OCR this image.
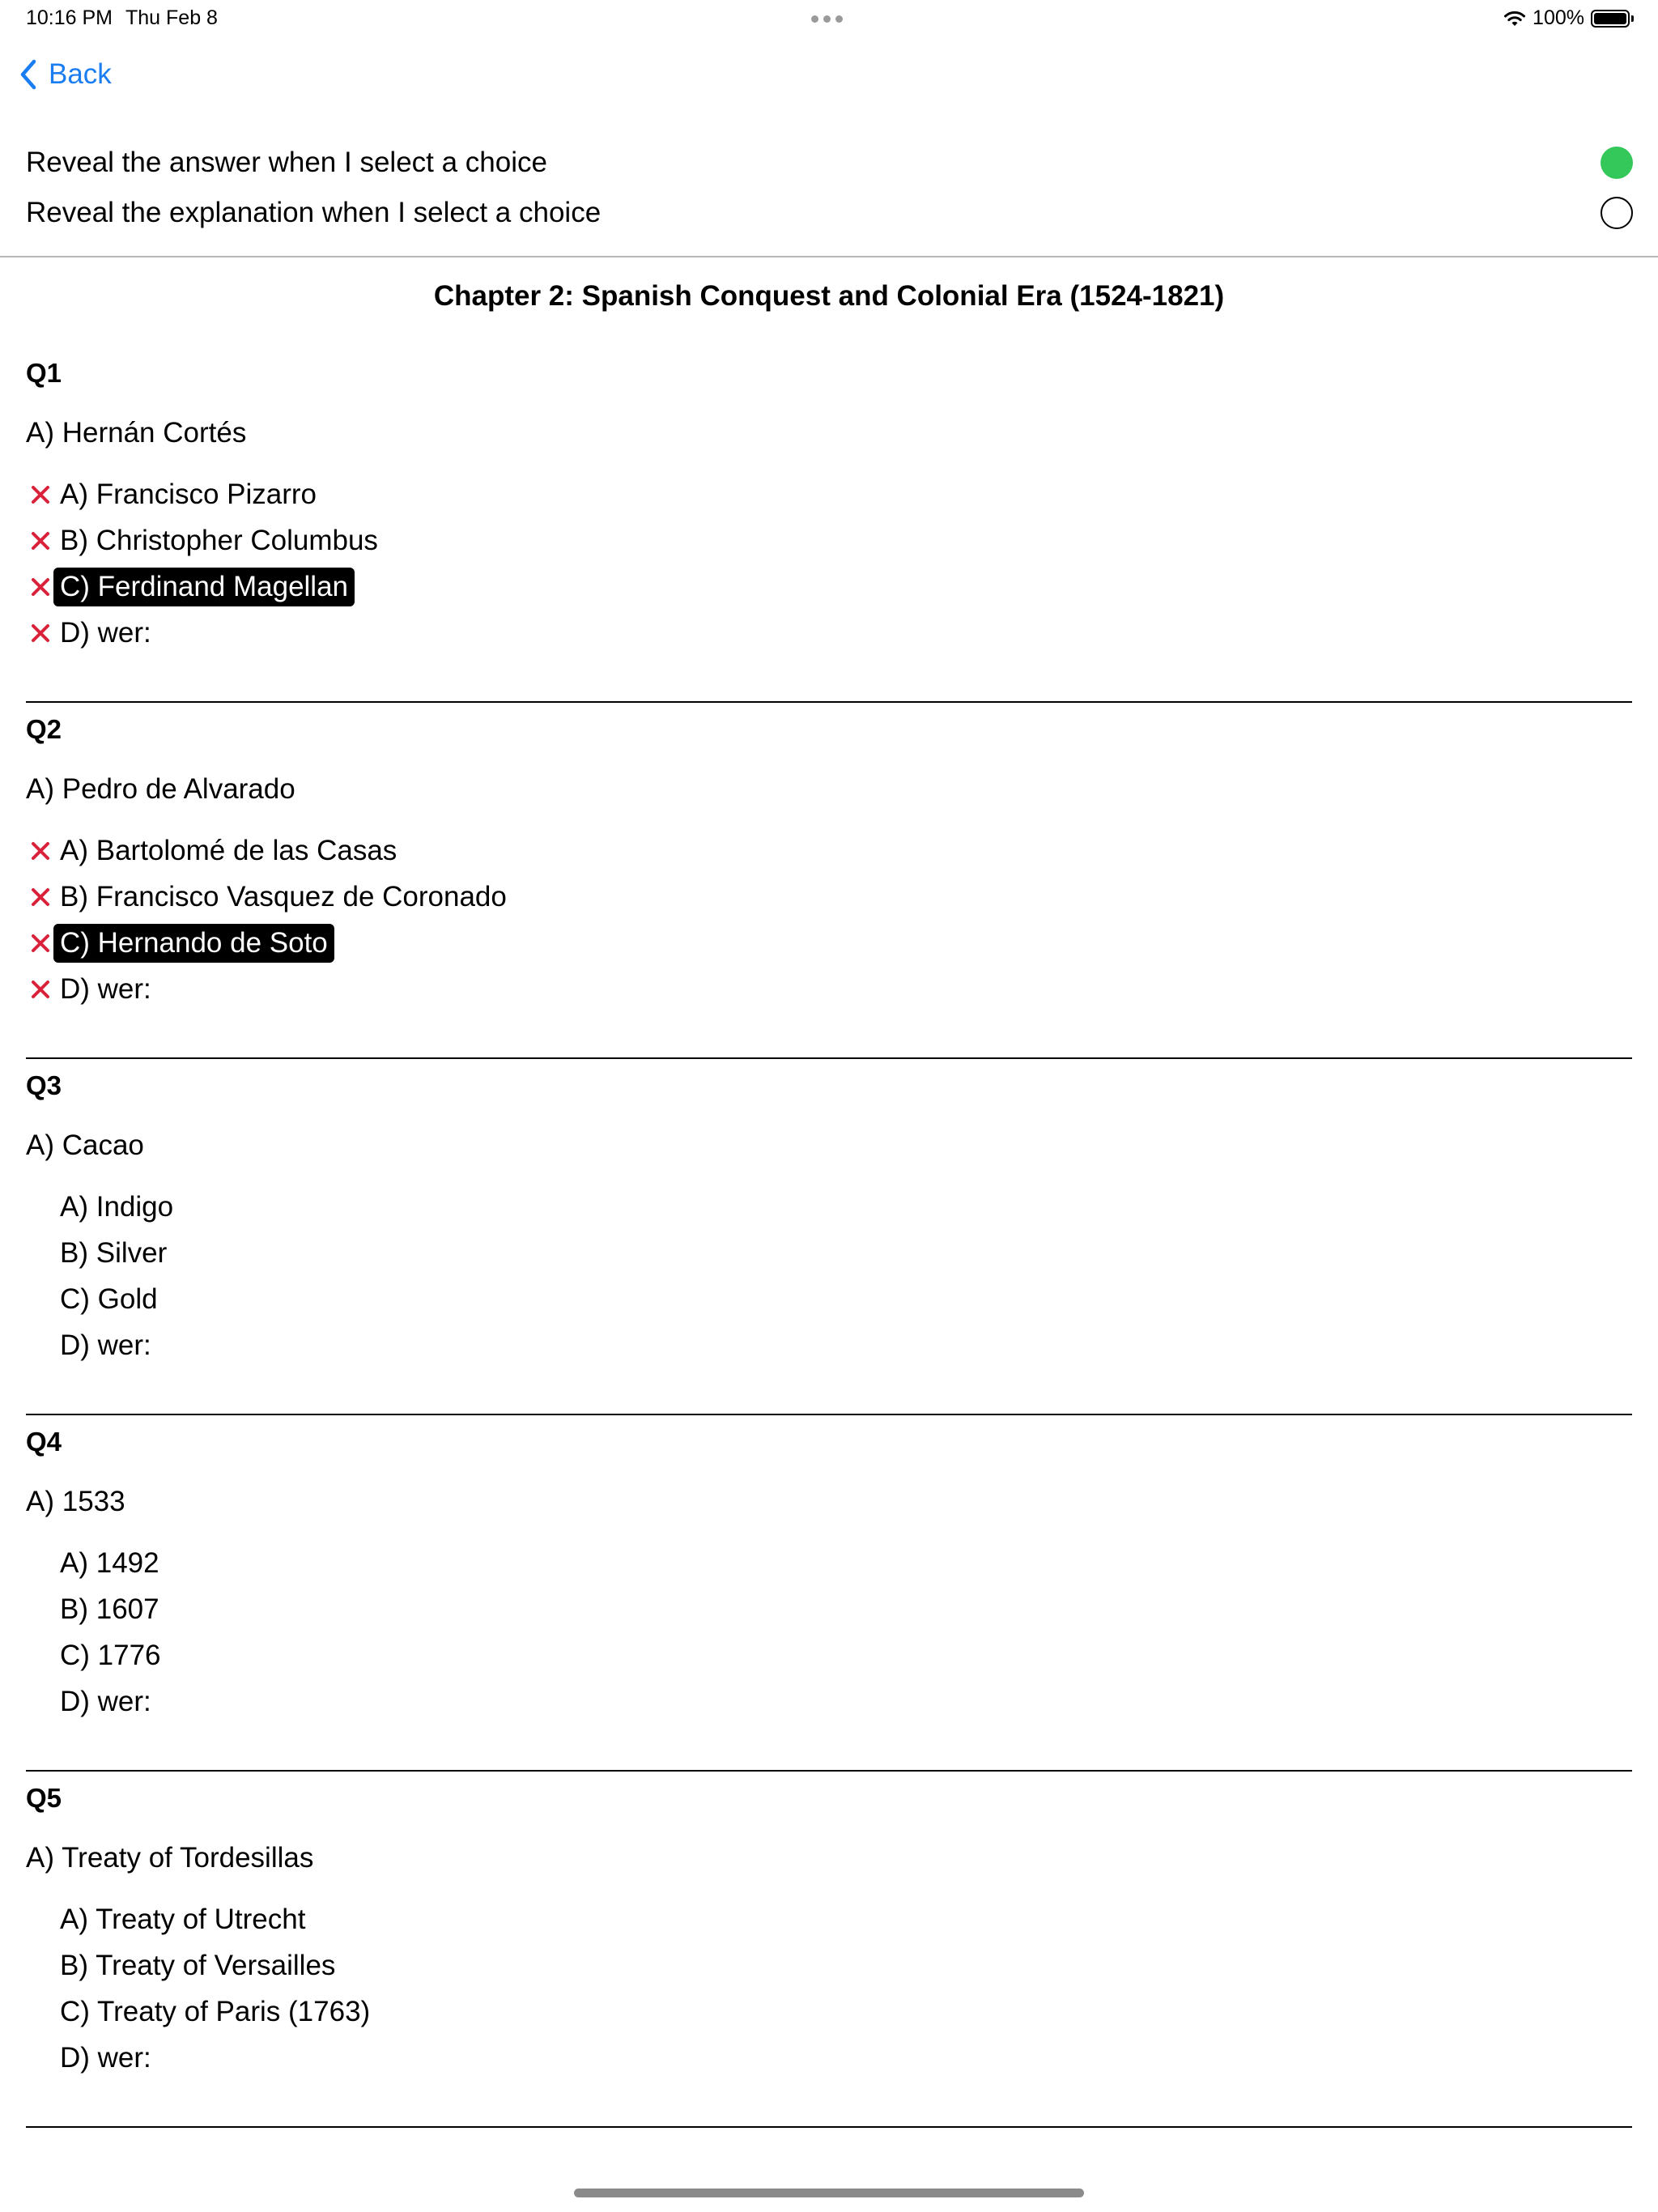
10:16 PM Thu Feb 8	100%
Back
Reveal the answer when I select a choice
Reveal the explanation when I select a choice
Chapter 2: Spanish Conquest and Colonial Era (1524-1821)
Q1
A) Hernán Cortés
A) Francisco Pizarro
B) Christopher Columbus
C) Ferdinand Magellan
D) wer:
Q2
A) Pedro de Alvarado
A) Bartolomé de las Casas
B) Francisco Vasquez de Coronado
C) Hernando de Soto
D) wer:
Q3
A) Cacao
A) Indigo
B) Silver
C) Gold
D) wer:
Q4
A) 1533
A) 1492
B) 1607
C) 1776
D) wer:
Q5
A) Treaty of Tordesillas
A) Treaty of Utrecht
B) Treaty of Versailles
C) Treaty of Paris (1763)
D) wer:
